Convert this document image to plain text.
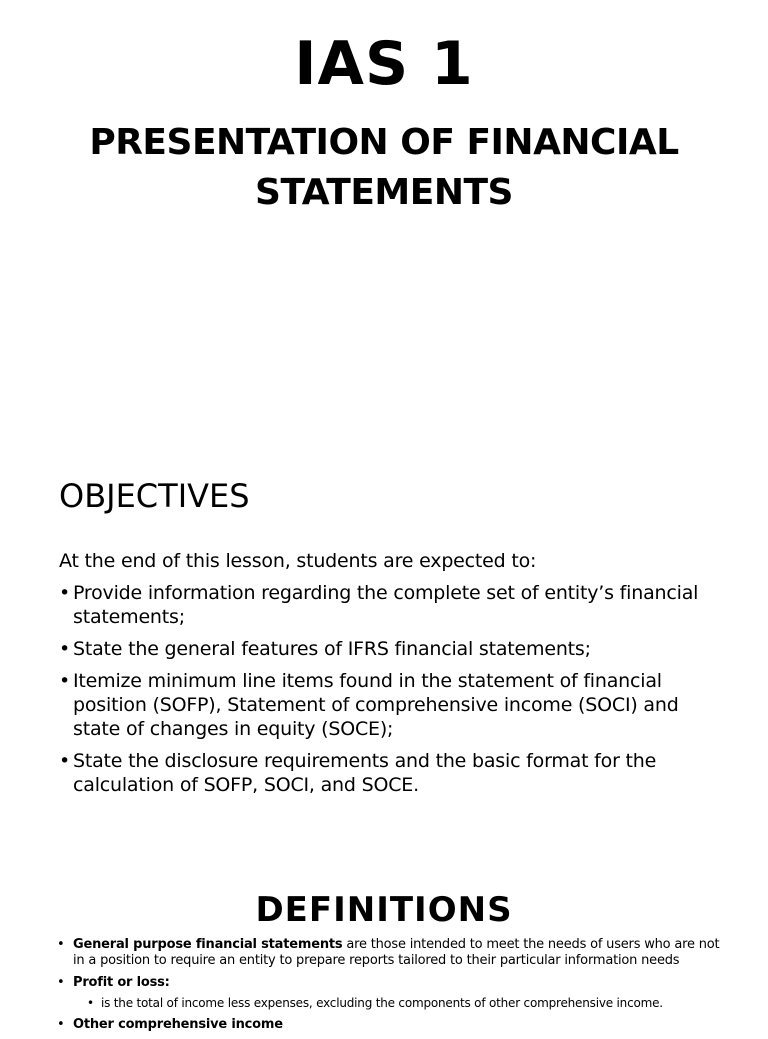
IAS 1
PRESENTATION OF FINANCIAL
STATEMENTS
OBJECTIVES

At the end of this lesson, students are expected to:

• Provide information regarding the complete set of entity’s financial statements;
• State the general features of IFRS financial statements;
• Itemize minimum line items found in the statement of financial position (SOFP), Statement of comprehensive income (SOCI) and state of changes in equity (SOCE);
• State the disclosure requirements and the basic format for the calculation of SOFP, SOCI, and SOCE.
DEFINITIONS
• General purpose financial statements are those intended to meet the needs of users who are not in a position to require an entity to prepare reports tailored to their particular information needs
• Profit or loss:
• is the total of income less expenses, excluding the components of other comprehensive income.
• Other comprehensive income
